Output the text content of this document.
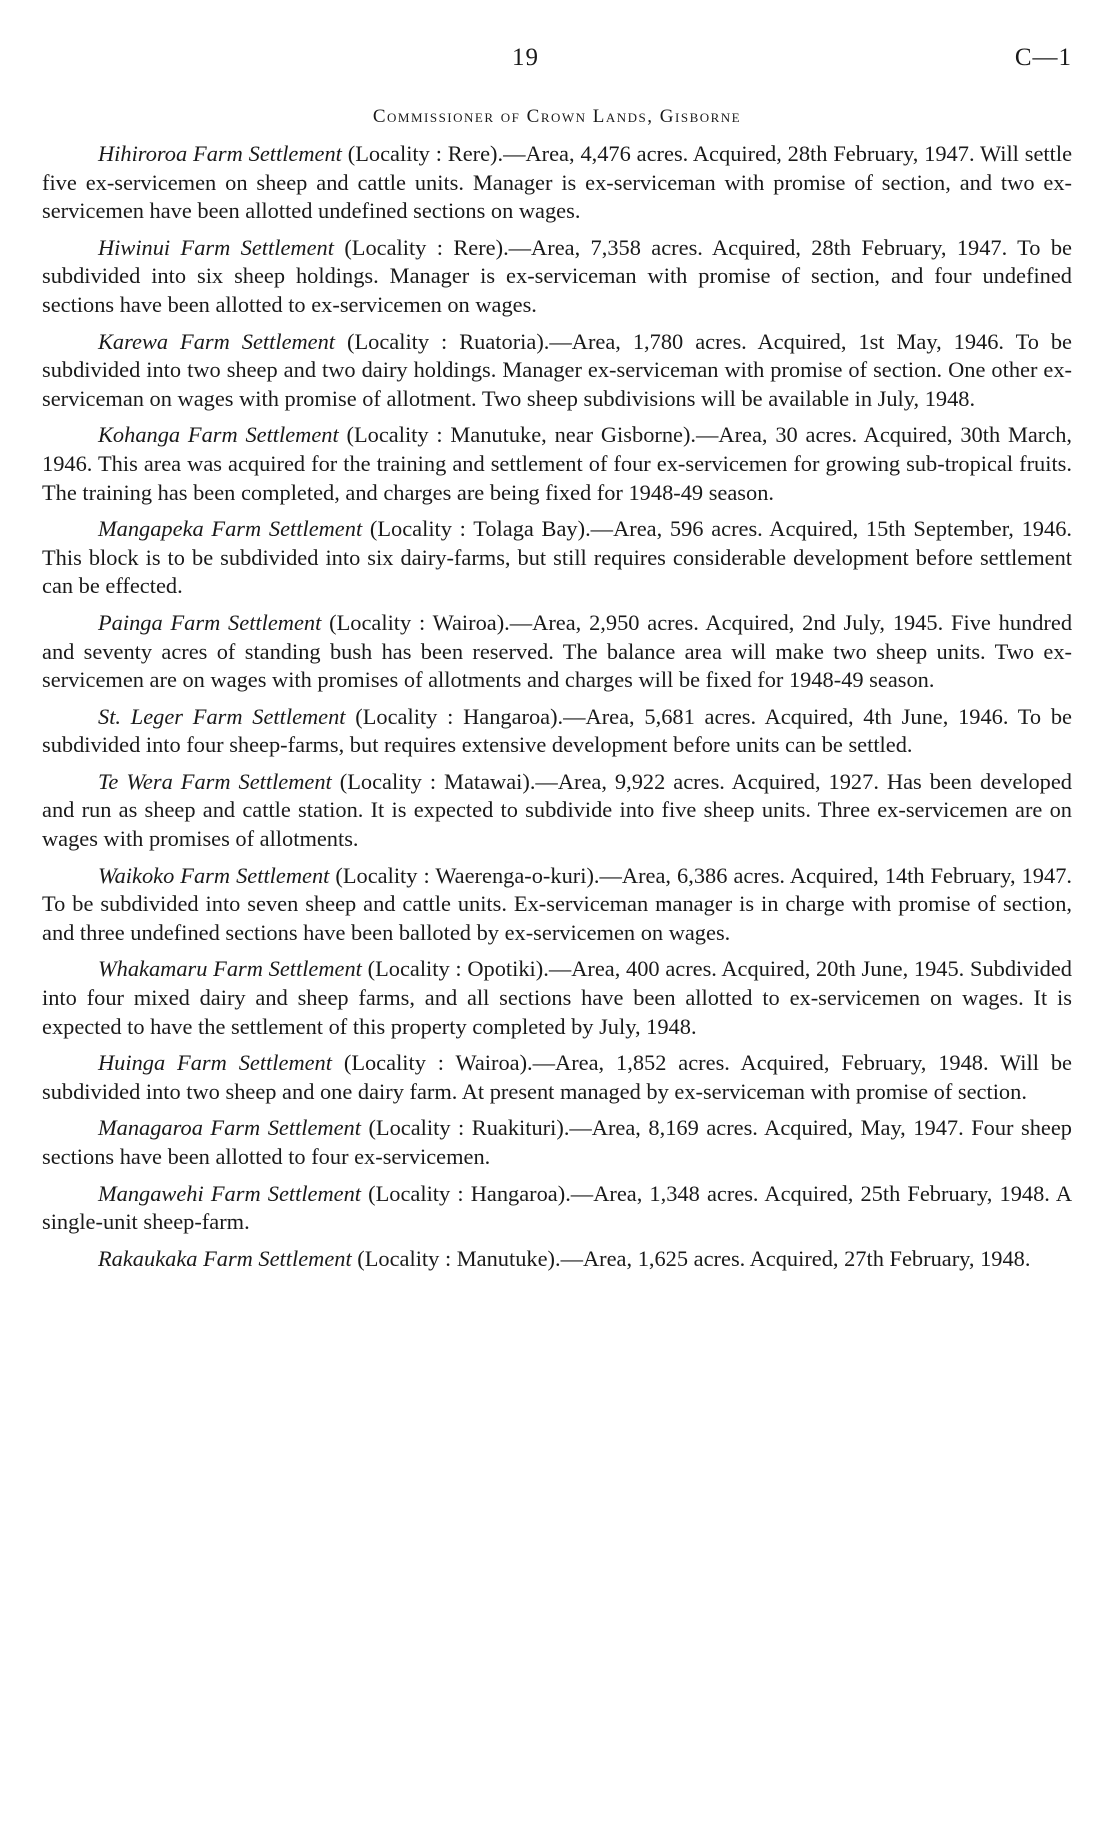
19	C—1
Commissioner of Crown Lands, Gisborne

Hihiroroa Farm Settlement (Locality : Rere).—Area, 4,476 acres. Acquired, 28th February, 1947. Will settle five ex-servicemen on sheep and cattle units. Manager is ex-serviceman with promise of section, and two ex-servicemen have been allotted undefined sections on wages.

Hiwinui Farm Settlement (Locality : Rere).—Area, 7,358 acres. Acquired, 28th February, 1947. To be subdivided into six sheep holdings. Manager is ex-serviceman with promise of section, and four undefined sections have been allotted to ex-servicemen on wages.

Karewa Farm Settlement (Locality : Ruatoria).—Area, 1,780 acres. Acquired, 1st May, 1946. To be subdivided into two sheep and two dairy holdings. Manager ex-serviceman with promise of section. One other ex-serviceman on wages with promise of allotment. Two sheep subdivisions will be available in July, 1948.

Kohanga Farm Settlement (Locality : Manutuke, near Gisborne).—Area, 30 acres. Acquired, 30th March, 1946. This area was acquired for the training and settlement of four ex-servicemen for growing sub-tropical fruits. The training has been completed, and charges are being fixed for 1948-49 season.

Mangapeka Farm Settlement (Locality : Tolaga Bay).—Area, 596 acres. Acquired, 15th September, 1946. This block is to be subdivided into six dairy-farms, but still requires considerable development before settlement can be effected.

Painga Farm Settlement (Locality : Wairoa).—Area, 2,950 acres. Acquired, 2nd July, 1945. Five hundred and seventy acres of standing bush has been reserved. The balance area will make two sheep units. Two ex-servicemen are on wages with promises of allotments and charges will be fixed for 1948-49 season.

St. Leger Farm Settlement (Locality : Hangaroa).—Area, 5,681 acres. Acquired, 4th June, 1946. To be subdivided into four sheep-farms, but requires extensive development before units can be settled.

Te Wera Farm Settlement (Locality : Matawai).—Area, 9,922 acres. Acquired, 1927. Has been developed and run as sheep and cattle station. It is expected to subdivide into five sheep units. Three ex-servicemen are on wages with promises of allotments.

Waikoko Farm Settlement (Locality : Waerenga-o-kuri).—Area, 6,386 acres. Acquired, 14th February, 1947. To be subdivided into seven sheep and cattle units. Ex-serviceman manager is in charge with promise of section, and three undefined sections have been balloted by ex-servicemen on wages.

Whakamaru Farm Settlement (Locality : Opotiki).—Area, 400 acres. Acquired, 20th June, 1945. Subdivided into four mixed dairy and sheep farms, and all sections have been allotted to ex-servicemen on wages. It is expected to have the settlement of this property completed by July, 1948.

Huinga Farm Settlement (Locality : Wairoa).—Area, 1,852 acres. Acquired, February, 1948. Will be subdivided into two sheep and one dairy farm. At present managed by ex-serviceman with promise of section.

Managaroa Farm Settlement (Locality : Ruakituri).—Area, 8,169 acres. Acquired, May, 1947. Four sheep sections have been allotted to four ex-servicemen.

Mangawehi Farm Settlement (Locality : Hangaroa).—Area, 1,348 acres. Acquired, 25th February, 1948. A single-unit sheep-farm.

Rakaukaka Farm Settlement (Locality : Manutuke).—Area, 1,625 acres. Acquired, 27th February, 1948.
